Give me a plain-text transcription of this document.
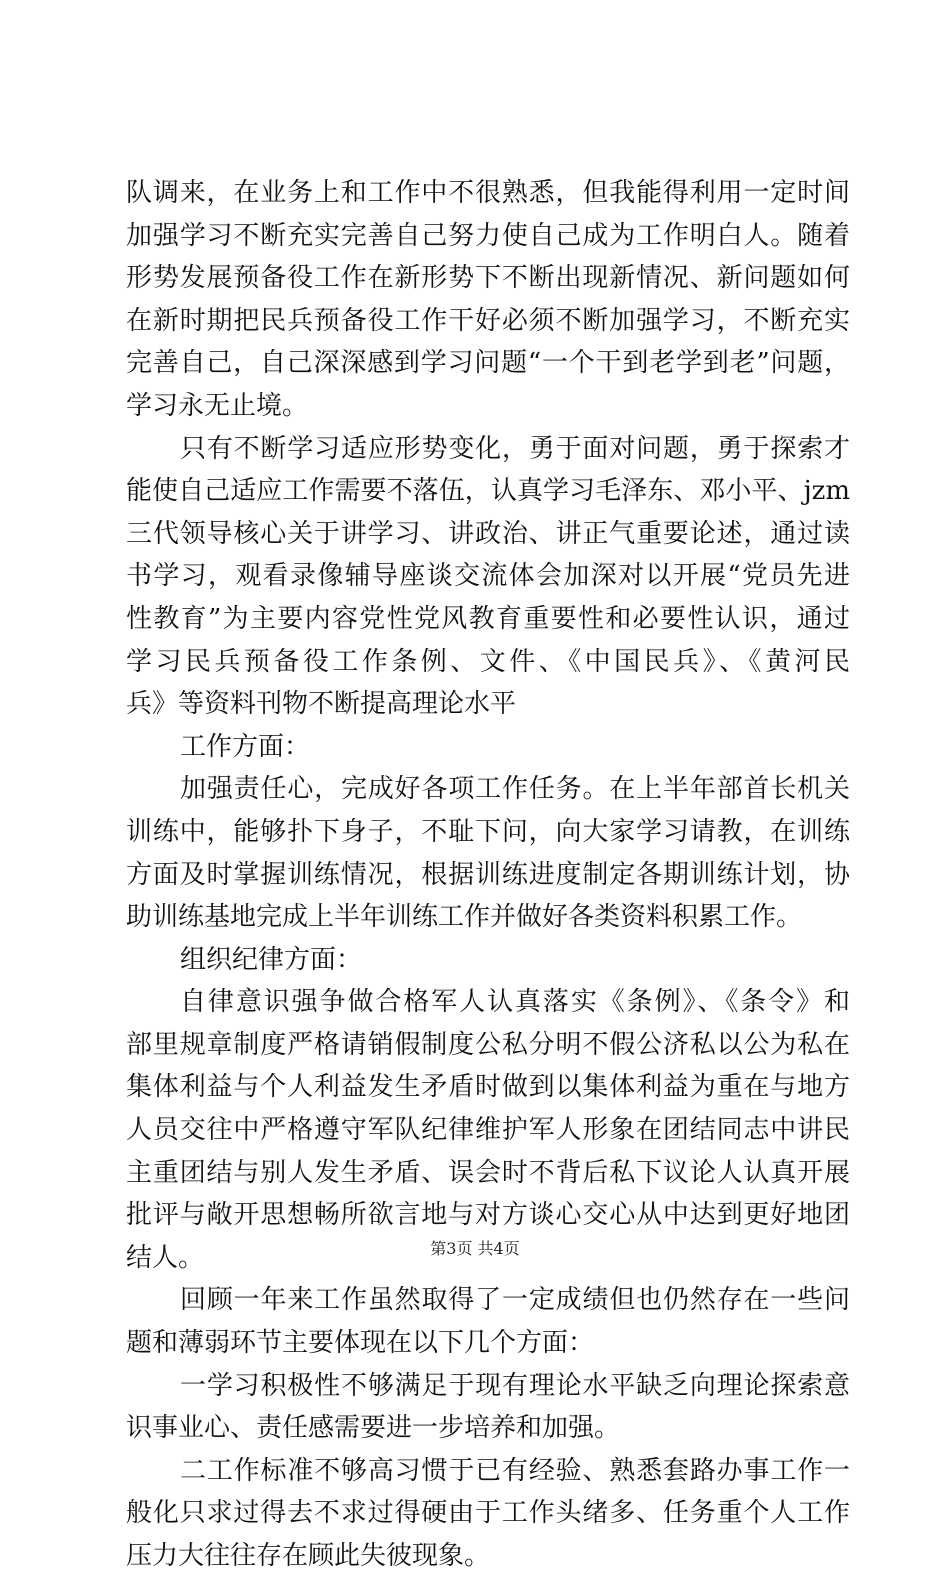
队调来，在业务上和工作中不很熟悉，但我能得利用一定时间
加强学习不断充实完善自己努力使自己成为工作明白人。随着
形势发展预备役工作在新形势下不断出现新情况、新问题如何
在新时期把民兵预备役工作干好必须不断加强学习，不断充实
完善自己，自己深深感到学习问题“一个干到老学到老”问题，
学习永无止境。
只有不断学习适应形势变化，勇于面对问题，勇于探索才
能使自己适应工作需要不落伍，认真学习毛泽东、邓小平、jzm
三代领导核心关于讲学习、讲政治、讲正气重要论述，通过读
书学习，观看录像辅导座谈交流体会加深对以开展“党员先进
性教育”为主要内容党性党风教育重要性和必要性认识，通过
学习民兵预备役工作条例、文件、《中国民兵》、《黄河民
兵》等资料刊物不断提高理论水平
工作方面：
加强责任心，完成好各项工作任务。在上半年部首长机关
训练中，能够扑下身子，不耻下问，向大家学习请教，在训练
方面及时掌握训练情况，根据训练进度制定各期训练计划，协
助训练基地完成上半年训练工作并做好各类资料积累工作。
组织纪律方面：
自律意识强争做合格军人认真落实《条例》、《条令》和
部里规章制度严格请销假制度公私分明不假公济私以公为私在
集体利益与个人利益发生矛盾时做到以集体利益为重在与地方
人员交往中严格遵守军队纪律维护军人形象在团结同志中讲民
主重团结与别人发生矛盾、误会时不背后私下议论人认真开展
批评与敞开思想畅所欲言地与对方谈心交心从中达到更好地团
结人。
回顾一年来工作虽然取得了一定成绩但也仍然存在一些问
题和薄弱环节主要体现在以下几个方面：
一学习积极性不够满足于现有理论水平缺乏向理论探索意
识事业心、责任感需要进一步培养和加强。
二工作标准不够高习惯于已有经验、熟悉套路办事工作一
般化只求过得去不求过得硬由于工作头绪多、任务重个人工作
压力大往往存在顾此失彼现象。
第3页 共4页
